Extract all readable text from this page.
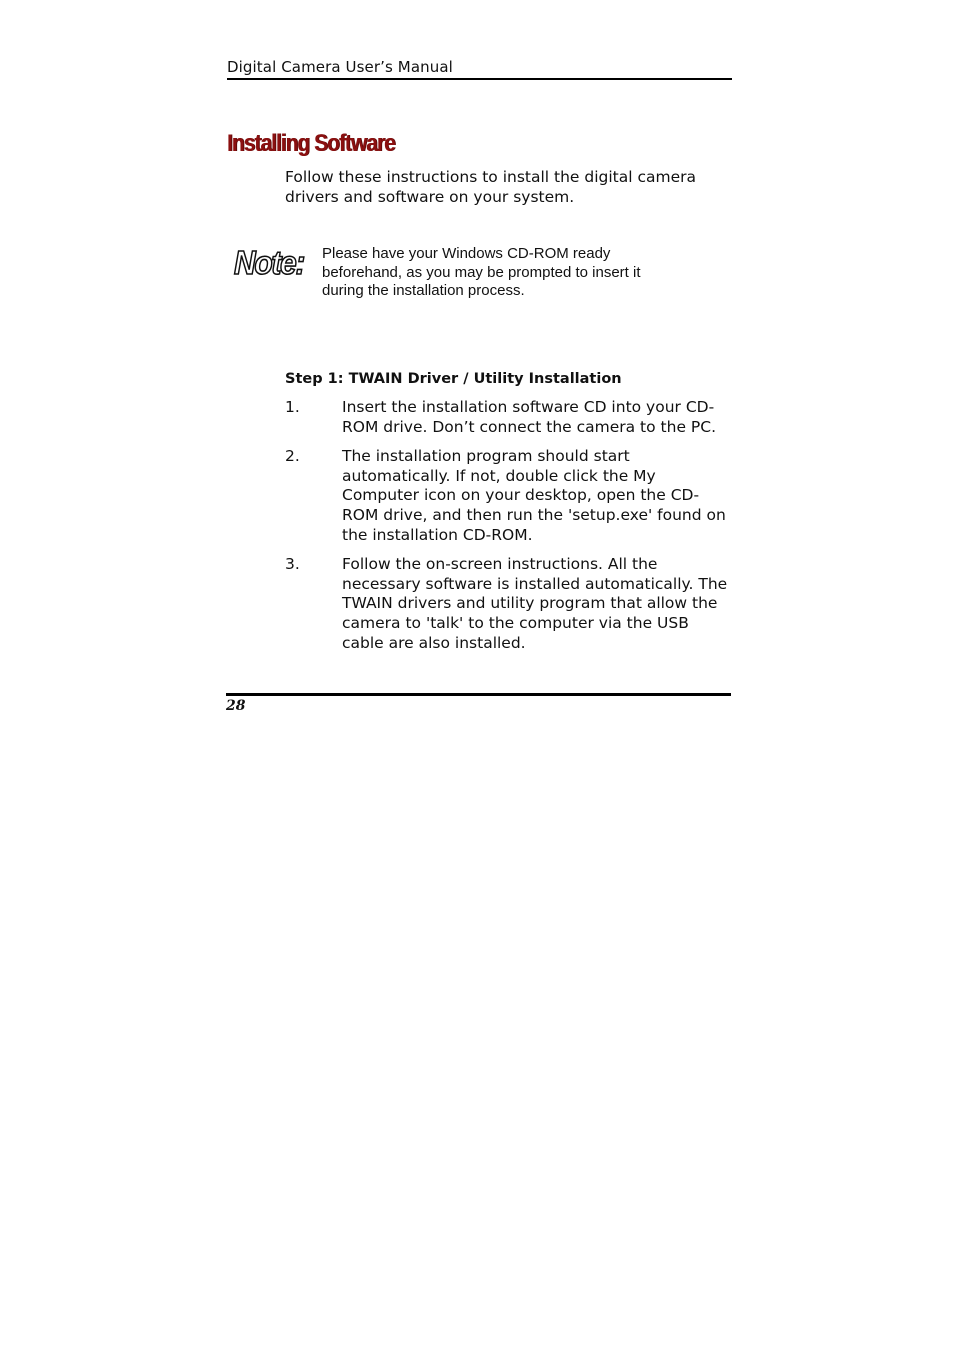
Digital Camera User’s Manual
Installing Software

Follow these instructions to install the digital camera drivers and software on your system.

Note: Please have your Windows CD-ROM ready beforehand, as you may be prompted to insert it during the installation process.

Step 1: TWAIN Driver / Utility Installation
1.	Insert the installation software CD into your CD-ROM drive. Don’t connect the camera to the PC.
2.	The installation program should start automatically. If not, double click the My Computer icon on your desktop, open the CD-ROM drive, and then run the 'setup.exe' found on the installation CD-ROM.
3.	Follow the on-screen instructions. All the necessary software is installed automatically. The TWAIN drivers and utility program that allow the camera to 'talk' to the computer via the USB cable are also installed.
28
